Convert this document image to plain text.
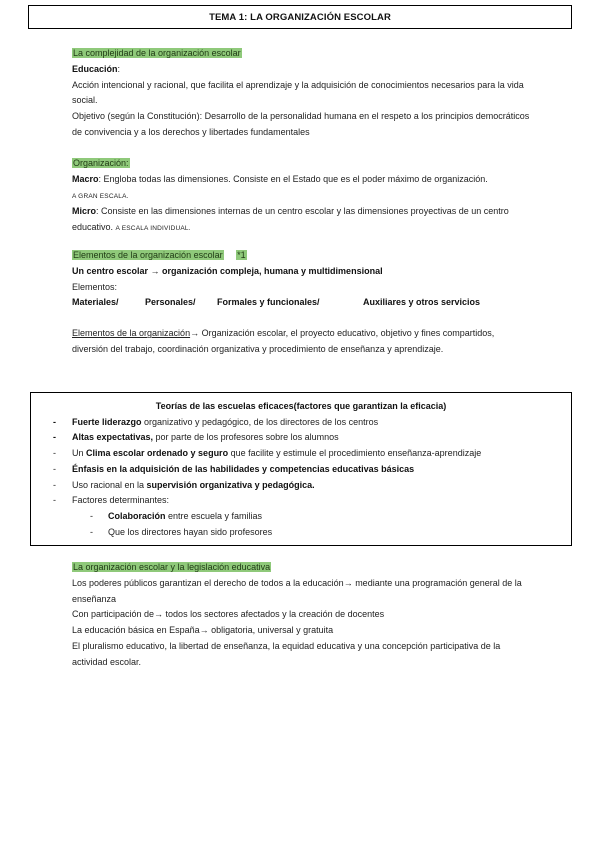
TEMA 1: LA ORGANIZACIÓN ESCOLAR

La complejidad de la organización escolar

Educación:

Acción intencional y racional, que facilita el aprendizaje y la adquisición de conocimientos necesarios para la vida social.

Objetivo (según la Constitución): Desarrollo de la personalidad humana en el respeto a los principios democráticos de convivencia y a los derechos y libertades fundamentales

Organización:

Macro: Engloba todas las dimensiones. Consiste en el Estado que es el poder máximo de organización.
A GRAN ESCALA.

Micro: Consiste en las dimensiones internas de un centro escolar y las dimensiones proyectivas de un centro educativo. A ESCALA INDIVIDUAL.

Elementos de la organización escolar *1

Un centro escolar → organización compleja, humana y multidimensional

Elementos:

Materiales/	Personales/	Formales y funcionales/	Auxiliares y otros servicios

Elementos de la organización→ Organización escolar, el proyecto educativo, objetivo y fines compartidos, diversión del trabajo, coordinación organizativa y procedimiento de enseñanza y aprendizaje.

Teorías de las escuelas eficaces(factores que garantizan la eficacia)
- Fuerte liderazgo organizativo y pedagógico, de los directores de los centros
- Altas expectativas, por parte de los profesores sobre los alumnos
- Un Clima escolar ordenado y seguro que facilite y estimule el procedimiento enseñanza-aprendizaje
- Énfasis en la adquisición de las habilidades y competencias educativas básicas
- Uso racional en la supervisión organizativa y pedagógica.
- Factores determinantes:
- Colaboración entre escuela y familias
- Que los directores hayan sido profesores

La organización escolar y la legislación educativa

Los poderes públicos garantizan el derecho de todos a la educación→ mediante una programación general de la enseñanza

Con participación de→ todos los sectores afectados y la creación de docentes

La educación básica en España→ obligatoria, universal y gratuita

El pluralismo educativo, la libertad de enseñanza, la equidad educativa y una concepción participativa de la actividad escolar.
